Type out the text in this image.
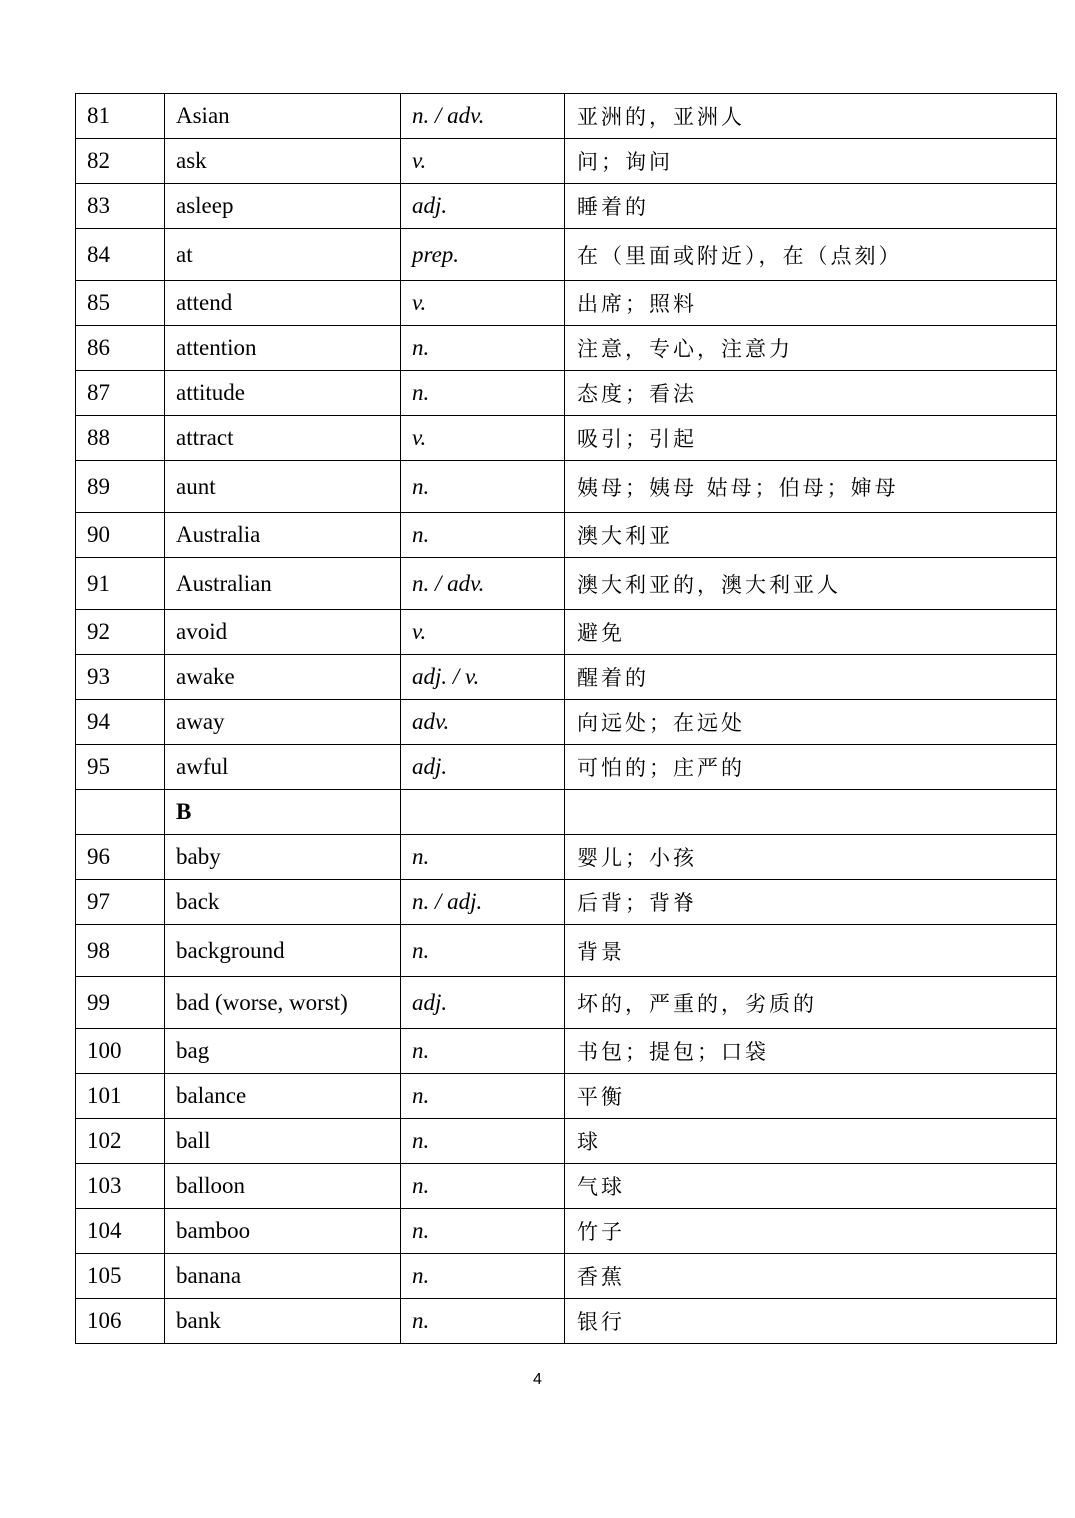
81	Asian	n. / adv.	亚洲的，亚洲人
82	ask	v.	问；询问
83	asleep	adj.	睡着的
84	at	prep.	在（里面或附近），在（点刻）
85	attend	v.	出席；照料
86	attention	n.	注意，专心，注意力
87	attitude	n.	态度；看法
88	attract	v.	吸引；引起
89	aunt	n.	姨母；姨母 姑母；伯母；婶母
90	Australia	n.	澳大利亚
91	Australian	n. / adv.	澳大利亚的，澳大利亚人
92	avoid	v.	避免
93	awake	adj. / v.	醒着的
94	away	adv.	向远处；在远处
95	awful	adj.	可怕的；庄严的
	B		
96	baby	n.	婴儿；小孩
97	back	n. / adj.	后背；背脊
98	background	n.	背景
99	bad (worse, worst)	adj.	坏的，严重的，劣质的
100	bag	n.	书包；提包；口袋
101	balance	n.	平衡
102	ball	n.	球
103	balloon	n.	气球
104	bamboo	n.	竹子
105	banana	n.	香蕉
106	bank	n.	银行
4
